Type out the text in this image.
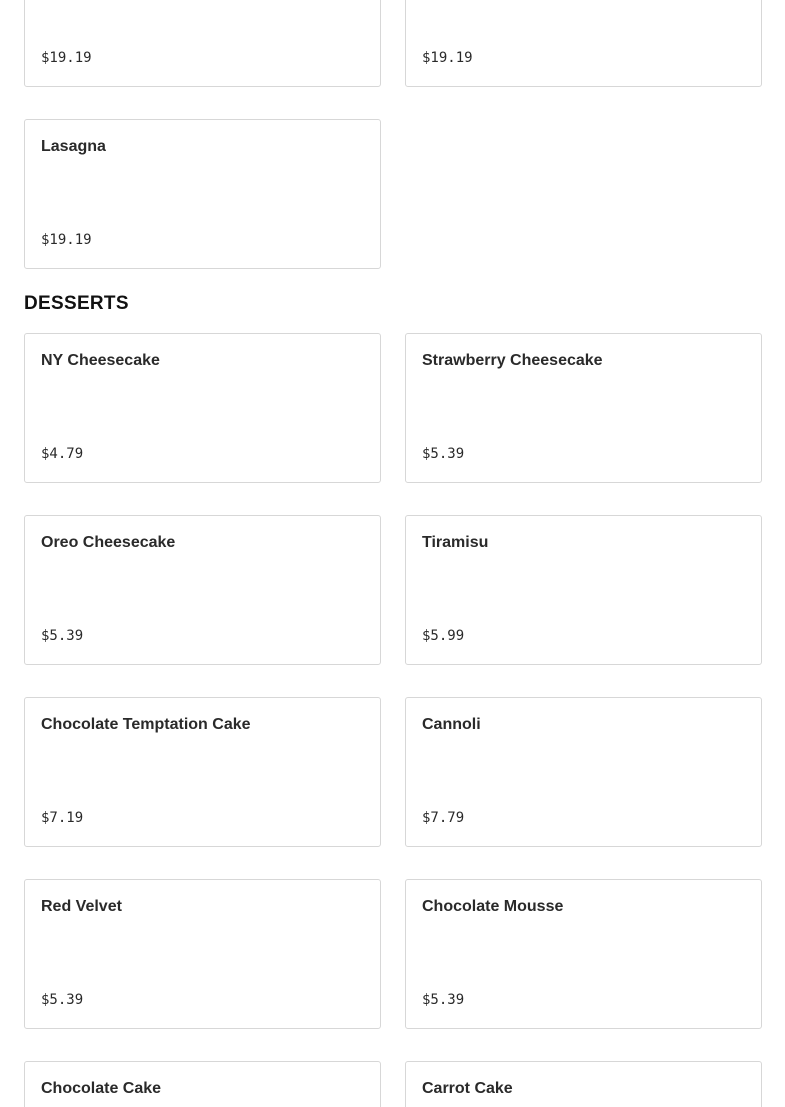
$19.19	$19.19
Lasagna
$19.19
DESSERTS
NY Cheesecake
$4.79
Strawberry Cheesecake
$5.39
Oreo Cheesecake
$5.39
Tiramisu
$5.99
Chocolate Temptation Cake
$7.19
Cannoli
$7.79
Red Velvet
$5.39
Chocolate Mousse
$5.39
Chocolate Cake	Carrot Cake
